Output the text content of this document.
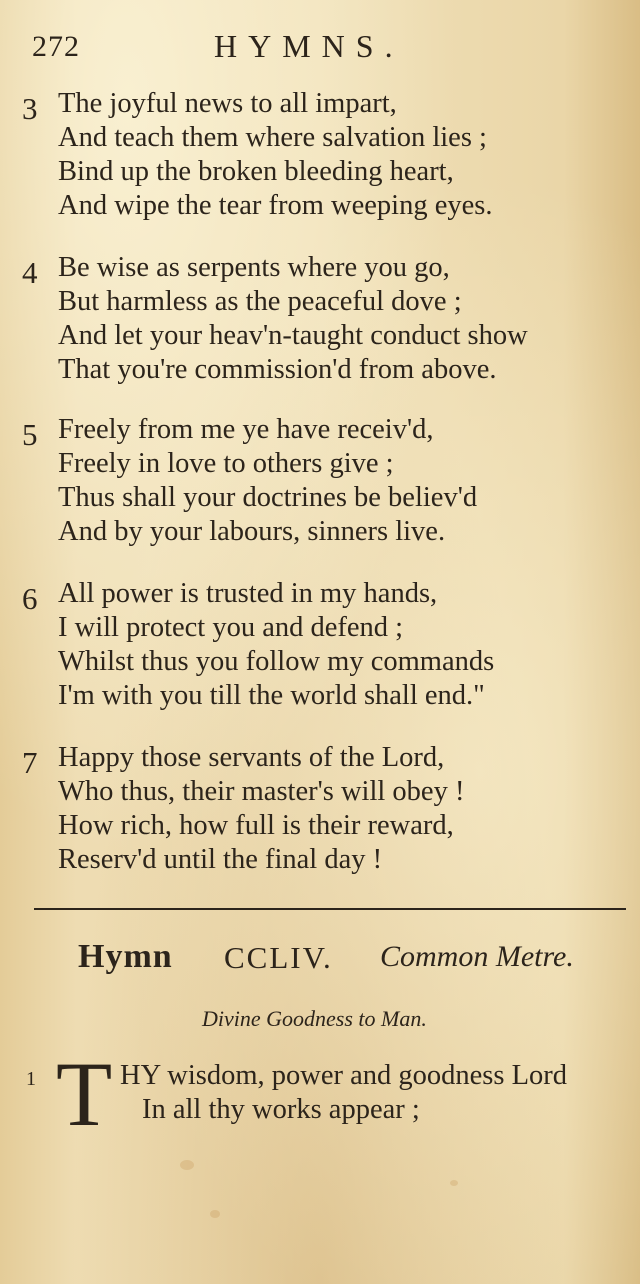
272	HYMNS.
3 The joyful news to all impart,
And teach them where salvation lies ;
Bind up the broken bleeding heart,
And wipe the tear from weeping eyes.
4 Be wise as serpents where you go,
But harmless as the peaceful dove ;
And let your heav'n-taught conduct show
That you're commission'd from above.
5 Freely from me ye have receiv'd,
Freely in love to others give ;
Thus shall your doctrines be believ'd
And by your labours, sinners live.
6 All power is trusted in my hands,
I will protect you and defend ;
Whilst thus you follow my commands
I'm with you till the world shall end."
7 Happy those servants of the Lord,
Who thus, their master's will obey !
How rich, how full is their reward,
Reserv'd until the final day !
Hymn CCLIV. Common Metre.
Divine Goodness to Man.
1 T HY wisdom, power and goodness Lord
In all thy works appear ;
